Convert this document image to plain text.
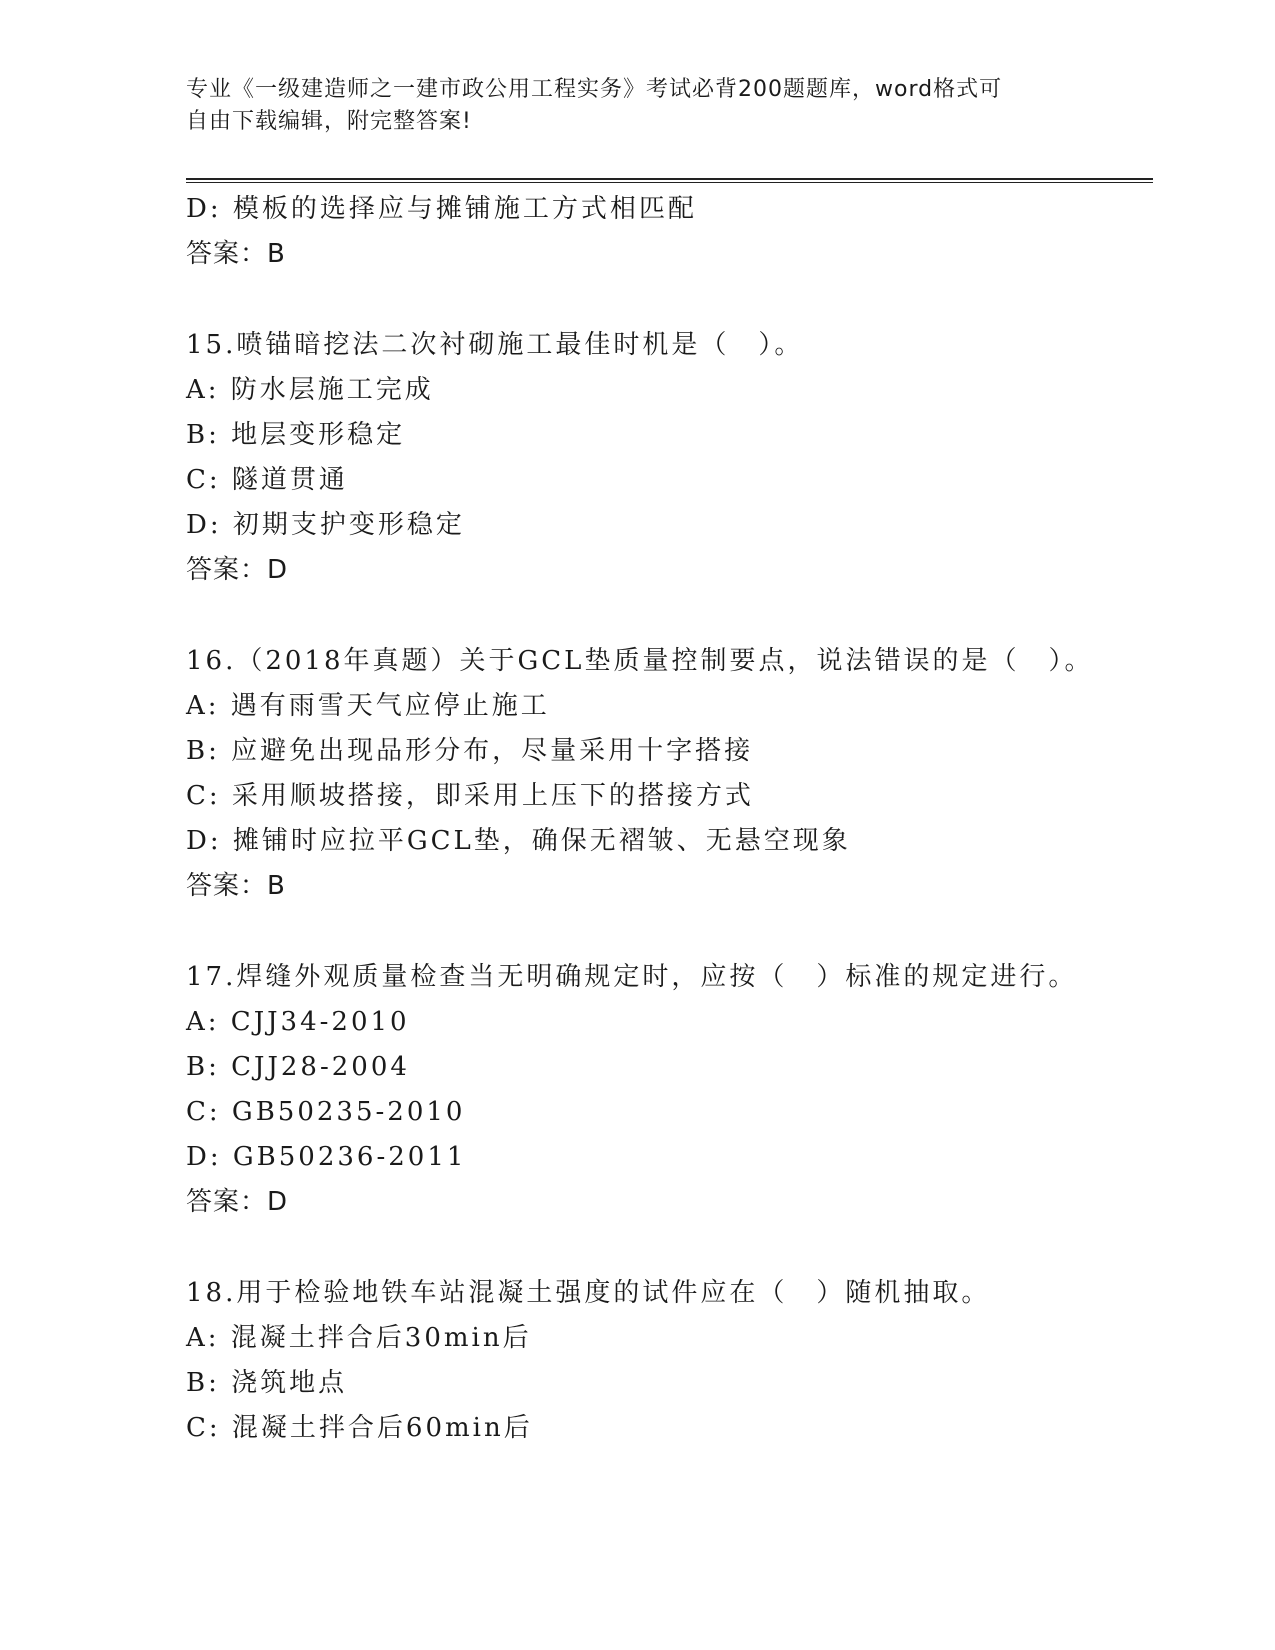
专业《一级建造师之一建市政公用工程实务》考试必背200题题库，word格式可
自由下载编辑，附完整答案!
D: 模板的选择应与摊铺施工方式相匹配
答案：B
15.喷锚暗挖法二次衬砌施工最佳时机是（　）。
A: 防水层施工完成
B: 地层变形稳定
C: 隧道贯通
D: 初期支护变形稳定
答案：D
16.（2018年真题）关于GCL垫质量控制要点，说法错误的是（　）。
A: 遇有雨雪天气应停止施工
B: 应避免出现品形分布，尽量采用十字搭接
C: 采用顺坡搭接，即采用上压下的搭接方式
D: 摊铺时应拉平GCL垫，确保无褶皱、无悬空现象
答案：B
17.焊缝外观质量检查当无明确规定时，应按（　）标准的规定进行。
A: CJJ34-2010
B: CJJ28-2004
C: GB50235-2010
D: GB50236-2011
答案：D
18.用于检验地铁车站混凝土强度的试件应在（　）随机抽取。
A: 混凝土拌合后30min后
B: 浇筑地点
C: 混凝土拌合后60min后
